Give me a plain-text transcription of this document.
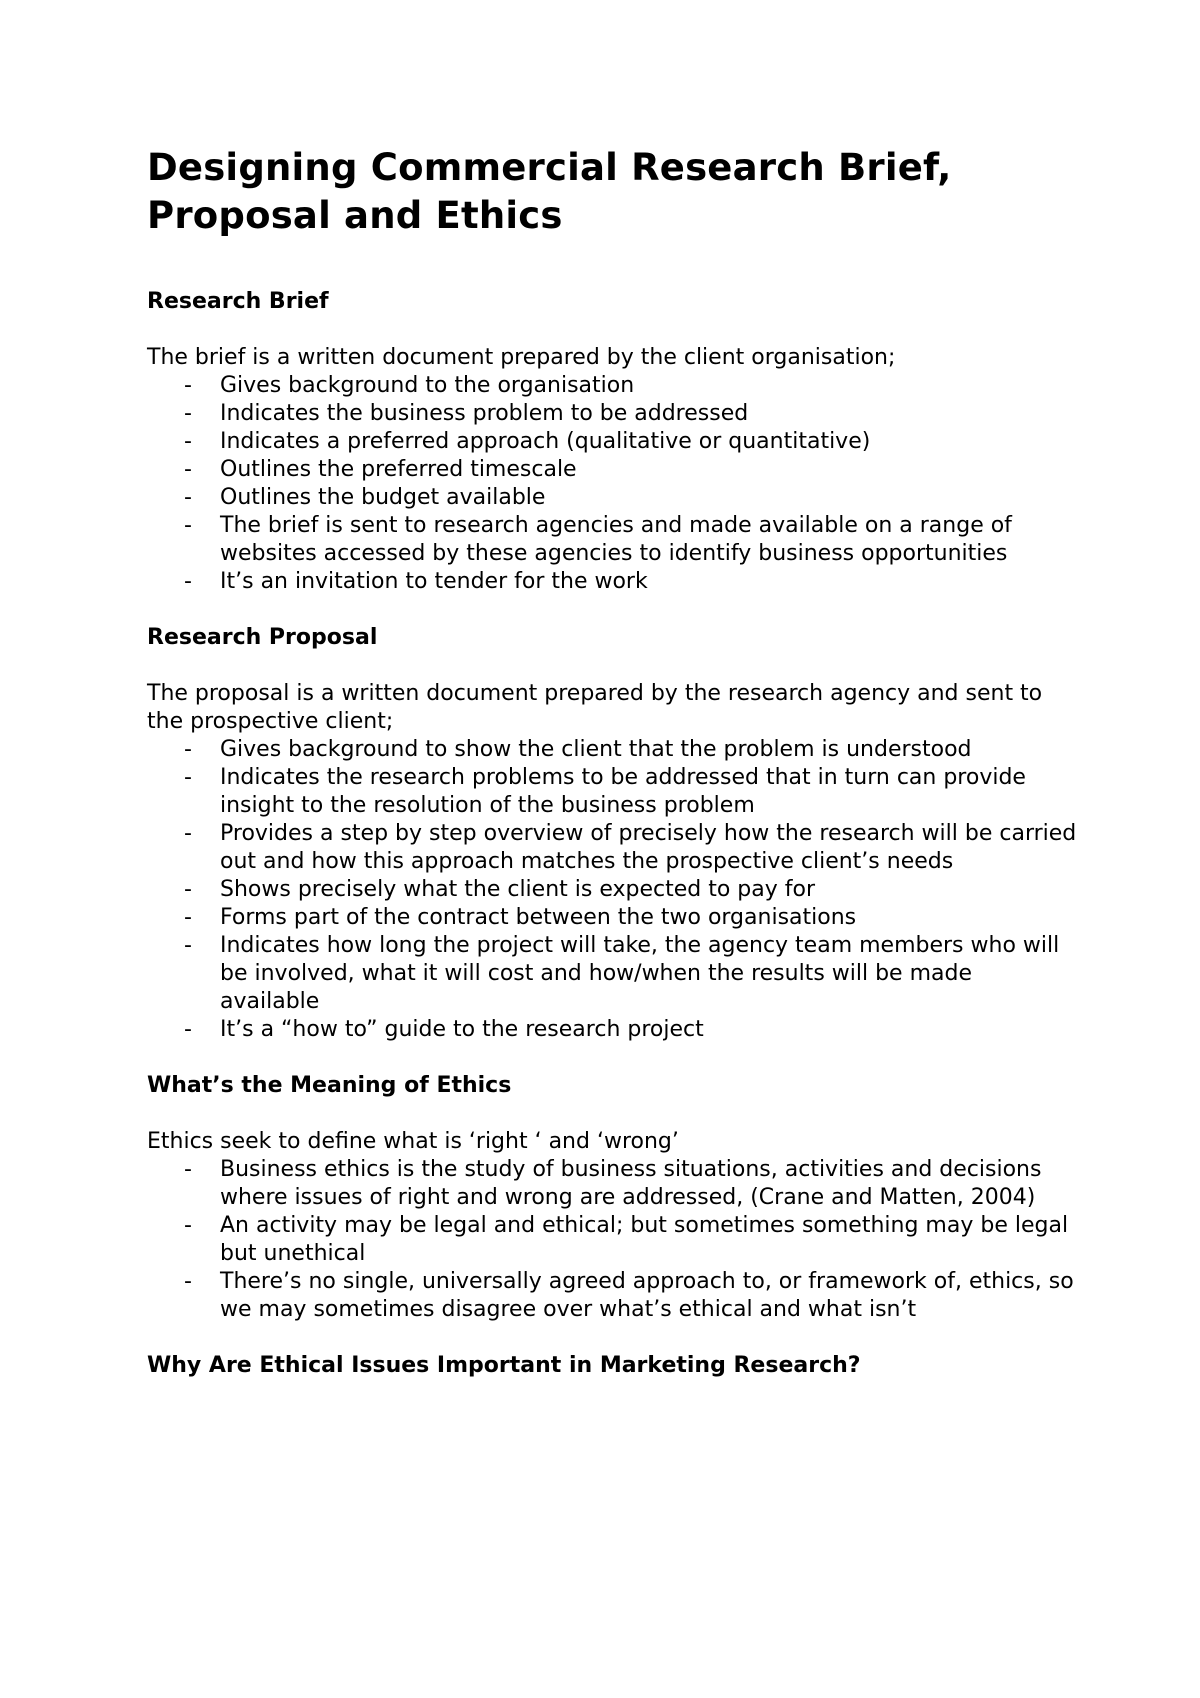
Designing Commercial Research Brief, Proposal and Ethics
Research Brief

The brief is a written document prepared by the client organisation;

- Gives background to the organisation
- Indicates the business problem to be addressed
- Indicates a preferred approach (qualitative or quantitative)
- Outlines the preferred timescale
- Outlines the budget available
- The brief is sent to research agencies and made available on a range of websites accessed by these agencies to identify business opportunities
- It’s an invitation to tender for the work
Research Proposal

The proposal is a written document prepared by the research agency and sent to the prospective client;

- Gives background to show the client that the problem is understood
- Indicates the research problems to be addressed that in turn can provide insight to the resolution of the business problem
- Provides a step by step overview of precisely how the research will be carried out and how this approach matches the prospective client’s needs
- Shows precisely what the client is expected to pay for
- Forms part of the contract between the two organisations
- Indicates how long the project will take, the agency team members who will be involved, what it will cost and how/when the results will be made available
- It’s a “how to” guide to the research project
What’s the Meaning of Ethics

Ethics seek to define what is ‘right ‘ and ‘wrong’

- Business ethics is the study of business situations, activities and decisions where issues of right and wrong are addressed, (Crane and Matten, 2004)
- An activity may be legal and ethical; but sometimes something may be legal but unethical
- There’s no single, universally agreed approach to, or framework of, ethics, so we may sometimes disagree over what’s ethical and what isn’t
Why Are Ethical Issues Important in Marketing Research?
